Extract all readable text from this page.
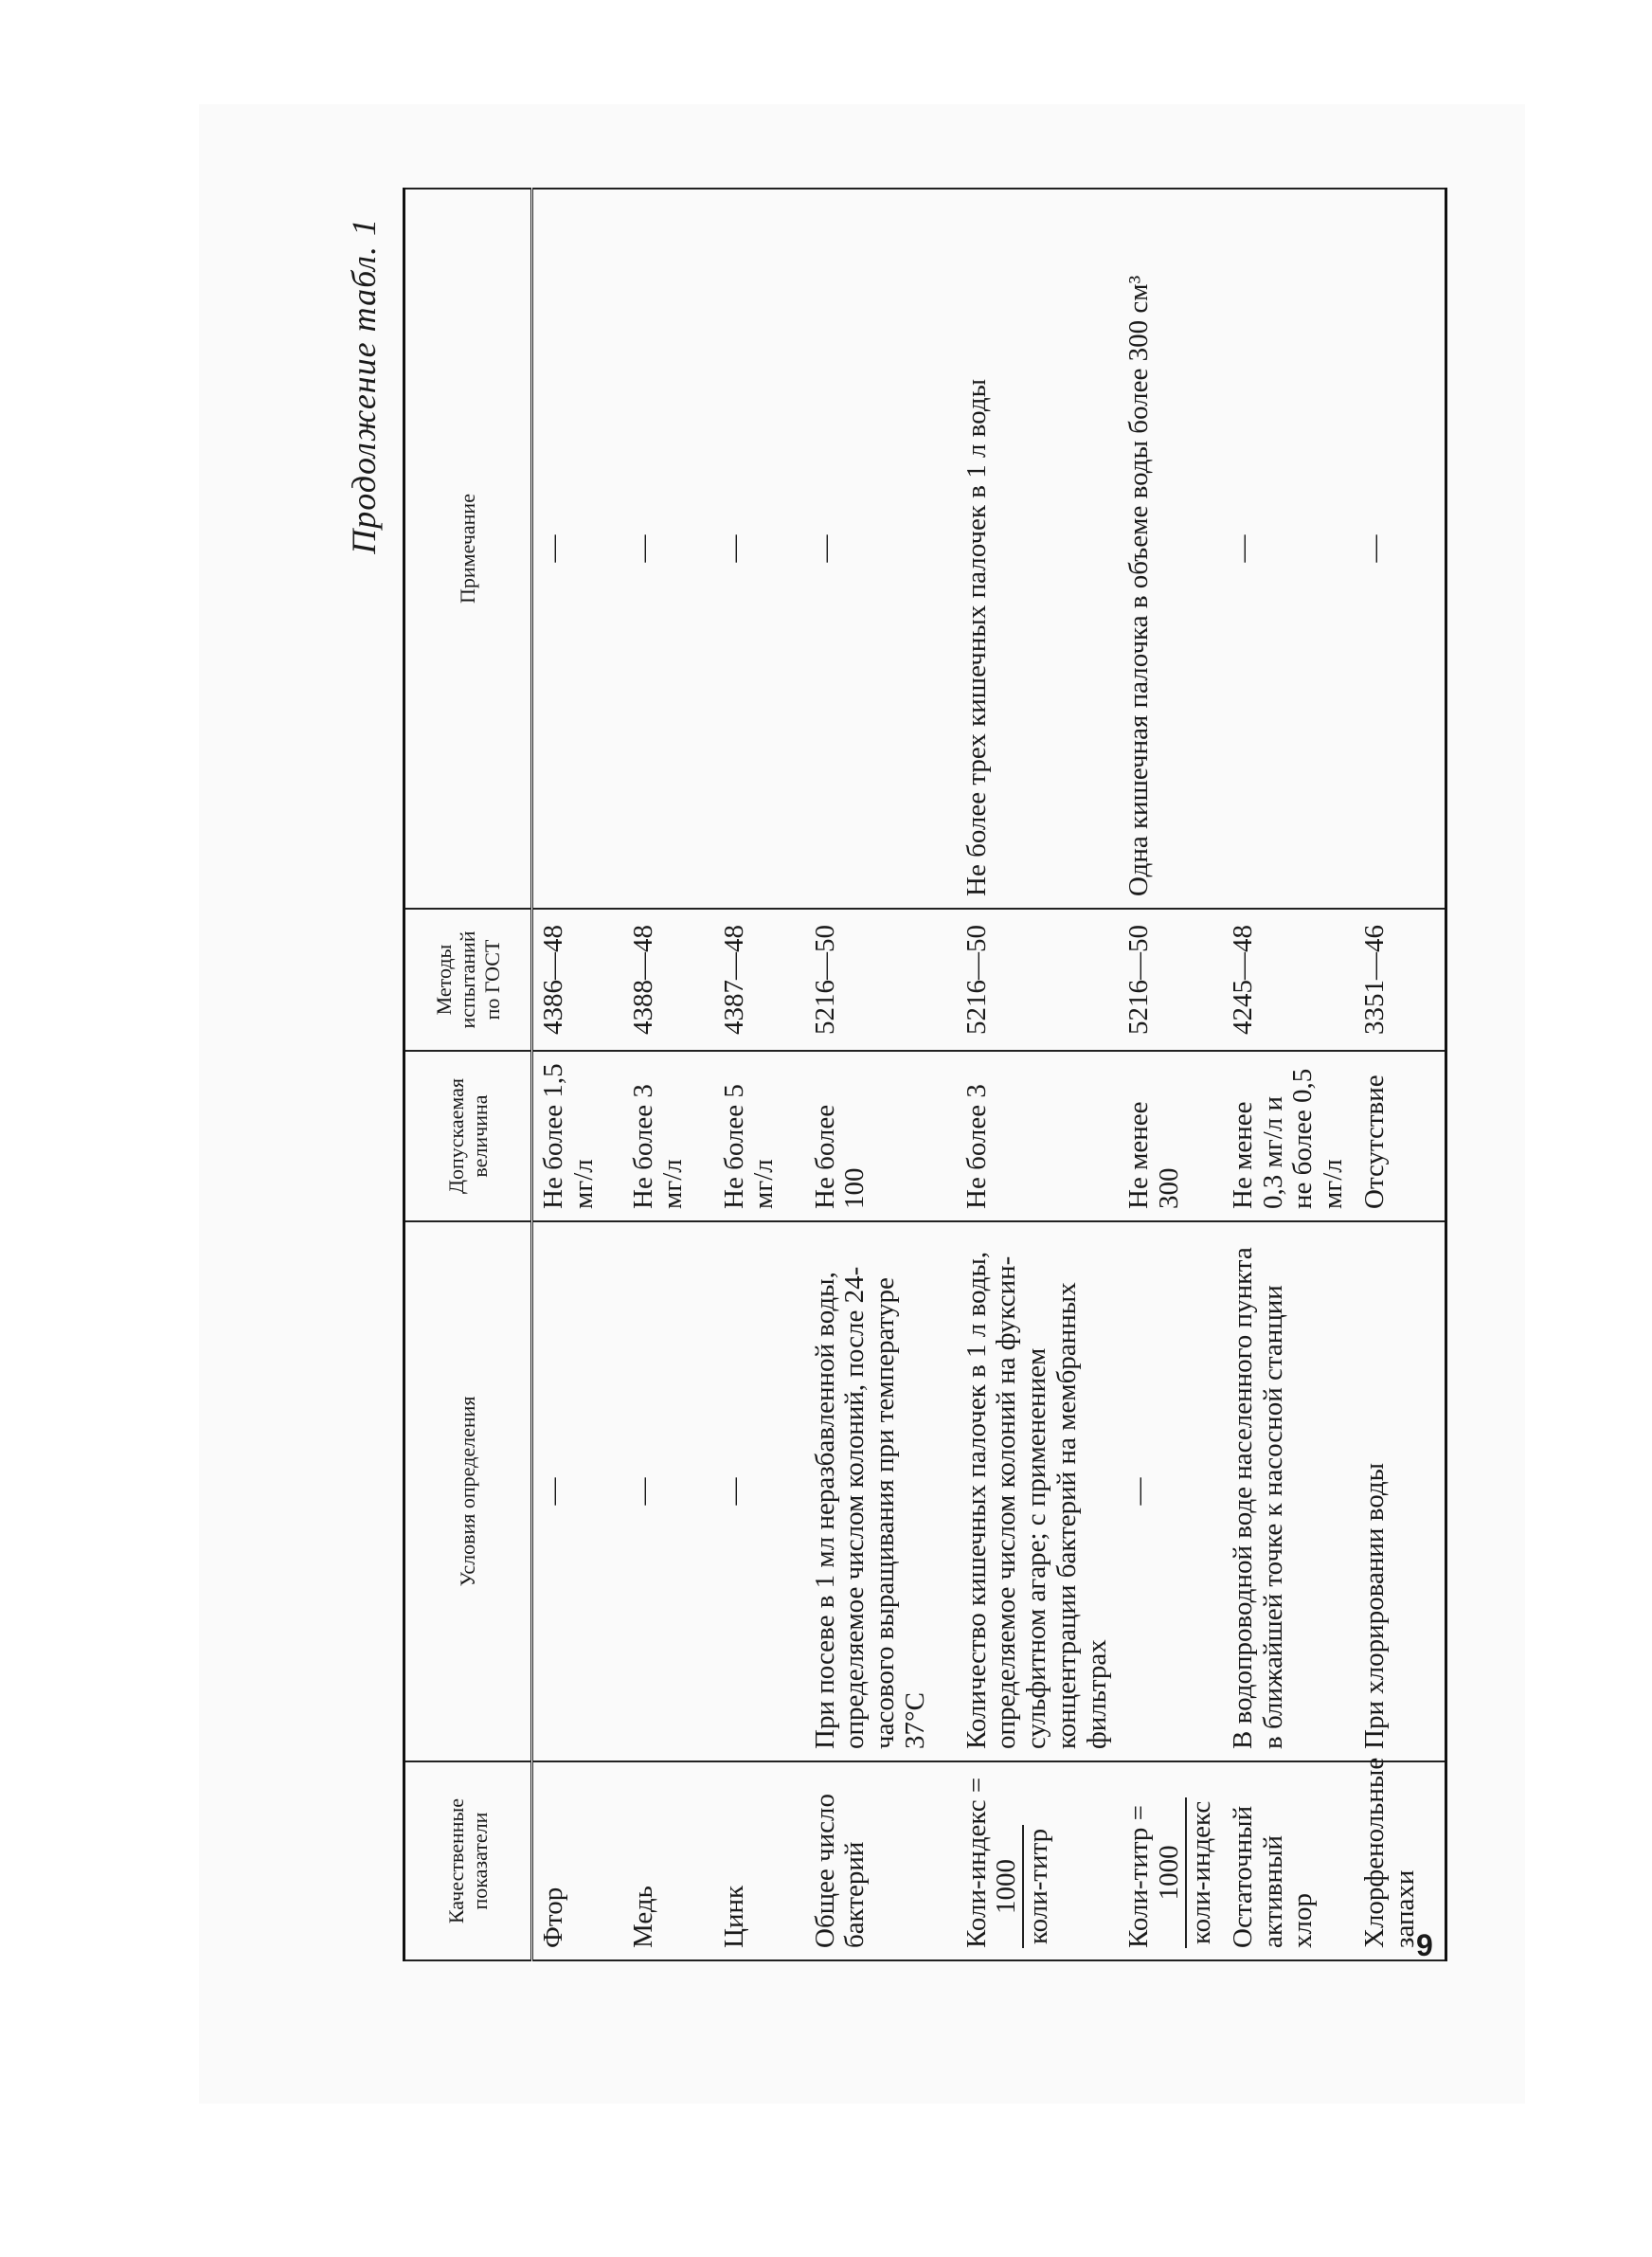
Продолжение табл. 1
Качественные показатели	Условия определения	Допускаемая величина	Методы испытаний по ГОСТ	Примечание
Фтор	—	Не более 1,5 мг/л	4386—48	—
Медь	—	Не более 3 мг/л	4388—48	—
Цинк	—	Не более 5 мг/л	4387—48	—
Общее число бактерий	При посеве в 1 мл неразбавленной воды, определяемое числом колоний, после 24-часового выращивания при температуре 37°С	Не более 100	5216—50	—
Коли-индекс = 1000 коли-титр	Количество кишечных палочек в 1 л воды, определяемое числом колоний на фуксин-сульфитном агаре; с применением концентрации бактерий на мембранных фильтрах	Не более 3	5216—50	Не более трех кишечных палочек в 1 л воды
Коли-титр = 1000 коли-индекс	—	Не менее 300	5216—50	Одна кишечная палочка в объеме воды более 300 см³
Остаточный активный хлор	В водопроводной воде населенного пункта в ближайшей точке к насосной станции	Не менее 0,3 мг/л и не более 0,5 мг/л	4245—48	—
Хлорфенольные запахи	При хлорировании воды	Отсутствие	3351—46	—
9
